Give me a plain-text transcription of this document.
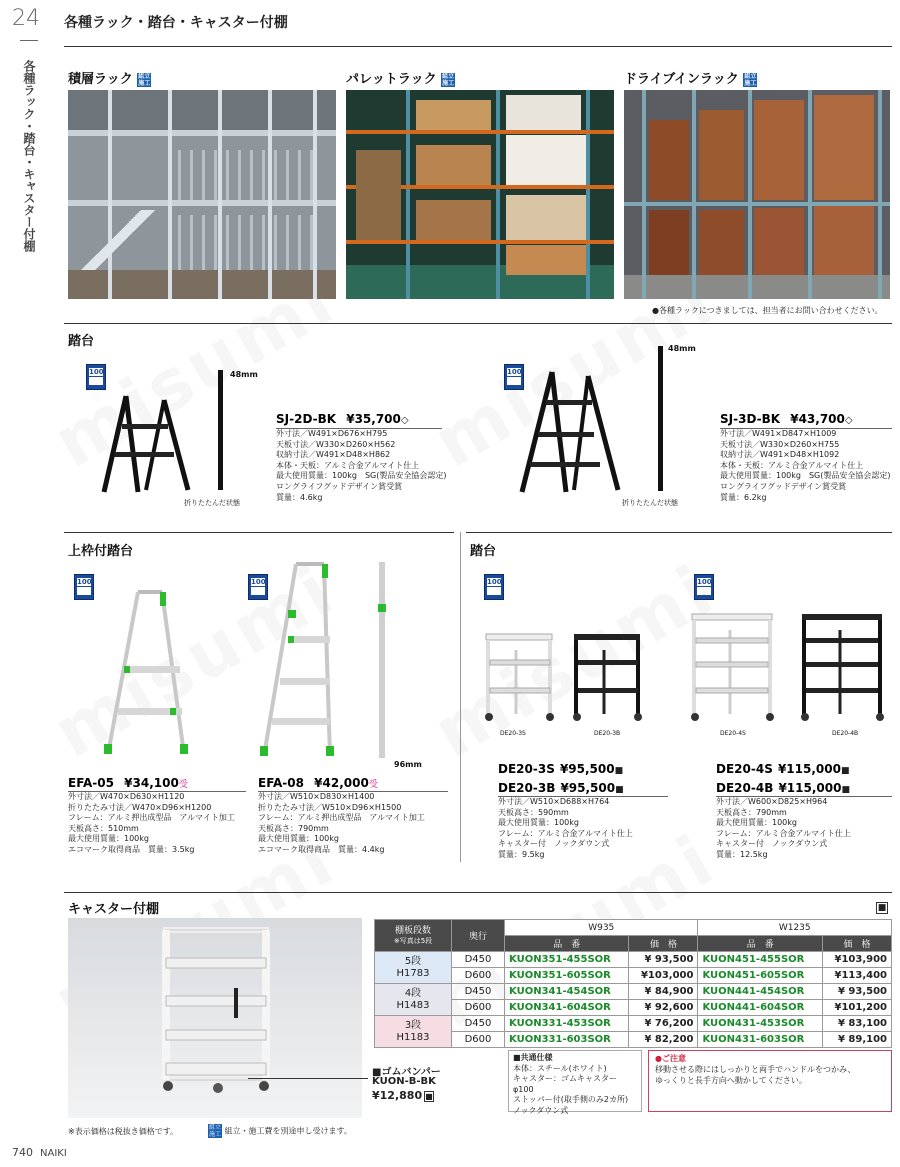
24 各種ラック・踏台・キャスター付棚
各種ラック・踏台・キャスター付棚 積層ラック 組立施工	パレットラック 組立施工	ドライブインラック 組立施工
●各種ラックにつきましては、担当者にお問い合わせください。
踏台
100	48mm
折りたたんだ状態
SJ-2D-BK ¥35,700◇
外寸法／W491×D676×H795
天板寸法／W330×D260×H562
収納寸法／W491×D48×H862
本体・天板：アルミ合金アルマイト仕上
最大使用質量：100kg　SG(製品安全協会認定)
ロングライフグッドデザイン賞受賞
質量：4.6kg
100
48mm
折りたたんだ状態
SJ-3D-BK ¥43,700◇
外寸法／W491×D847×H1009
天板寸法／W330×D260×H755
収納寸法／W491×D48×H1092
本体・天板：アルミ合金アルマイト仕上
最大使用質量：100kg　SG(製品安全協会認定)
ロングライフグッドデザイン賞受賞
質量：6.2kg
上枠付踏台
100	100
96mm
EFA-05 ¥34,100受
外寸法／W470×D630×H1120
折りたたみ寸法／W470×D96×H1200
フレーム：アルミ押出成型品　アルマイト加工
天板高さ：510mm
最大使用質量：100kg
エコマーク取得商品　質量：3.5kg
EFA-08 ¥42,000受
外寸法／W510×D830×H1400
折りたたみ寸法／W510×D96×H1500
フレーム：アルミ押出成型品　アルマイト加工
天板高さ：790mm
最大使用質量：100kg
エコマーク取得商品　質量：4.4kg
踏台
100
DE20-3S	DE20-3B
100
DE20-4S	DE20-4B
DE20-3S ¥95,500■
DE20-3B ¥95,500■
外寸法／W510×D688×H764
天板高さ：590mm
最大使用質量：100kg
フレーム：アルミ合金アルマイト仕上
キャスター付　ノックダウン式
質量：9.5kg
DE20-4S ¥115,000■
DE20-4B ¥115,000■
外寸法／W600×D825×H964
天板高さ：790mm
最大使用質量：100kg
フレーム：アルミ合金アルマイト仕上
キャスター付　ノックダウン式
質量：12.5kg
キャスター付棚	■
■ゴムバンパー
KUON-B-BK
¥12,880 ■
棚板段数
※写真は5段	奥行	W935		W1235	
		品　番	価　格	品　番	価　格

5段
H1783	D450	KUON351-455SOR	¥ 93,500	KUON451-455SOR	¥103,900
	D600	KUON351-605SOR	¥103,000	KUON451-605SOR	¥113,400

4段
H1483	D450	KUON341-454SOR	¥ 84,900	KUON441-454SOR	¥ 93,500
	D600	KUON341-604SOR	¥ 92,600	KUON441-604SOR	¥101,200

3段
H1183	D450	KUON331-453SOR	¥ 76,200	KUON431-453SOR	¥ 83,100
	D600	KUON331-603SOR	¥ 82,200	KUON431-603SOR	¥ 89,100
■共通仕様
本体：スチール(ホワイト)
キャスター：ゴムキャスターφ100
ストッパー付(取手側のみ2カ所)
ノックダウン式
●ご注意
移動させる際にはしっかりと両手でハンドルをつかみ、
ゆっくりと長手方向へ動かしてください。
※表示価格は税抜き価格です。	組立施工 組立・施工費を別途申し受けます。
740 NAIKI
